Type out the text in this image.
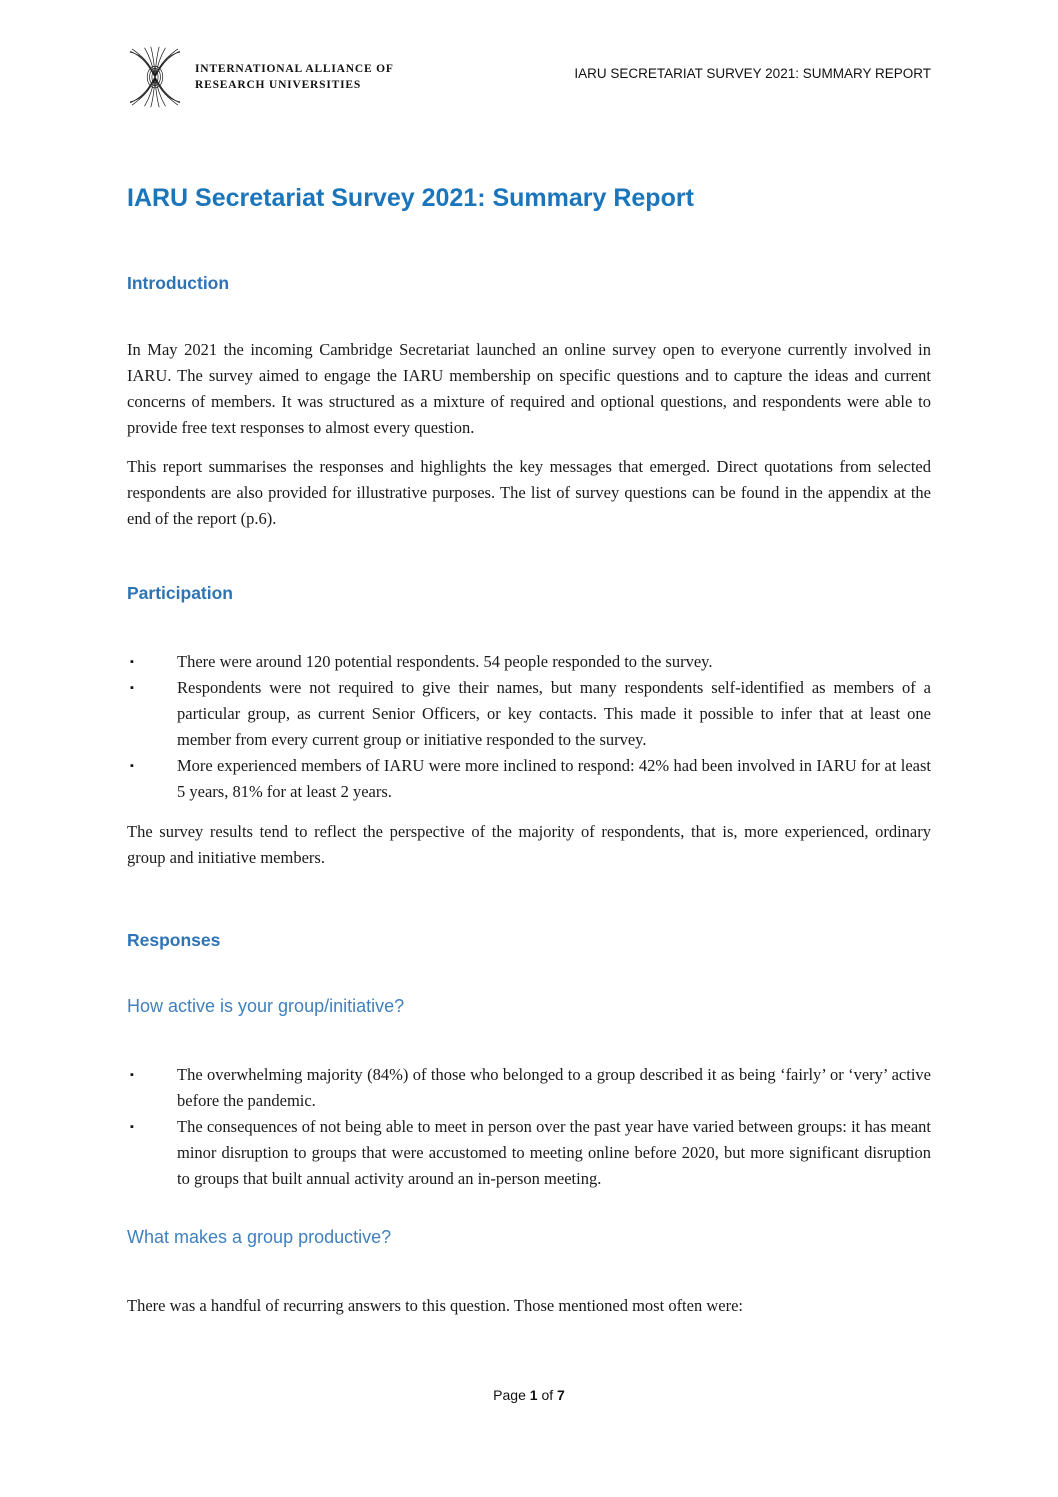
INTERNATIONAL ALLIANCE OF
RESEARCH UNIVERSITIES
IARU SECRETARIAT SURVEY 2021: SUMMARY REPORT
IARU Secretariat Survey 2021: Summary Report
Introduction

In May 2021 the incoming Cambridge Secretariat launched an online survey open to everyone currently involved in IARU. The survey aimed to engage the IARU membership on specific questions and to capture the ideas and current concerns of members. It was structured as a mixture of required and optional questions, and respondents were able to provide free text responses to almost every question.

This report summarises the responses and highlights the key messages that emerged. Direct quotations from selected respondents are also provided for illustrative purposes. The list of survey questions can be found in the appendix at the end of the report (p.6).

Participation
▪	There were around 120 potential respondents. 54 people responded to the survey.
▪	Respondents were not required to give their names, but many respondents self-identified as members of a particular group, as current Senior Officers, or key contacts. This made it possible to infer that at least one member from every current group or initiative responded to the survey.
▪	More experienced members of IARU were more inclined to respond: 42% had been involved in IARU for at least 5 years, 81% for at least 2 years.

The survey results tend to reflect the perspective of the majority of respondents, that is, more experienced, ordinary group and initiative members.

Responses
How active is your group/initiative?
▪	The overwhelming majority (84%) of those who belonged to a group described it as being ‘fairly’ or ‘very’ active before the pandemic.
▪	The consequences of not being able to meet in person over the past year have varied between groups: it has meant minor disruption to groups that were accustomed to meeting online before 2020, but more significant disruption to groups that built annual activity around an in-person meeting.
What makes a group productive?

There was a handful of recurring answers to this question. Those mentioned most often were:

Page 1 of 7
